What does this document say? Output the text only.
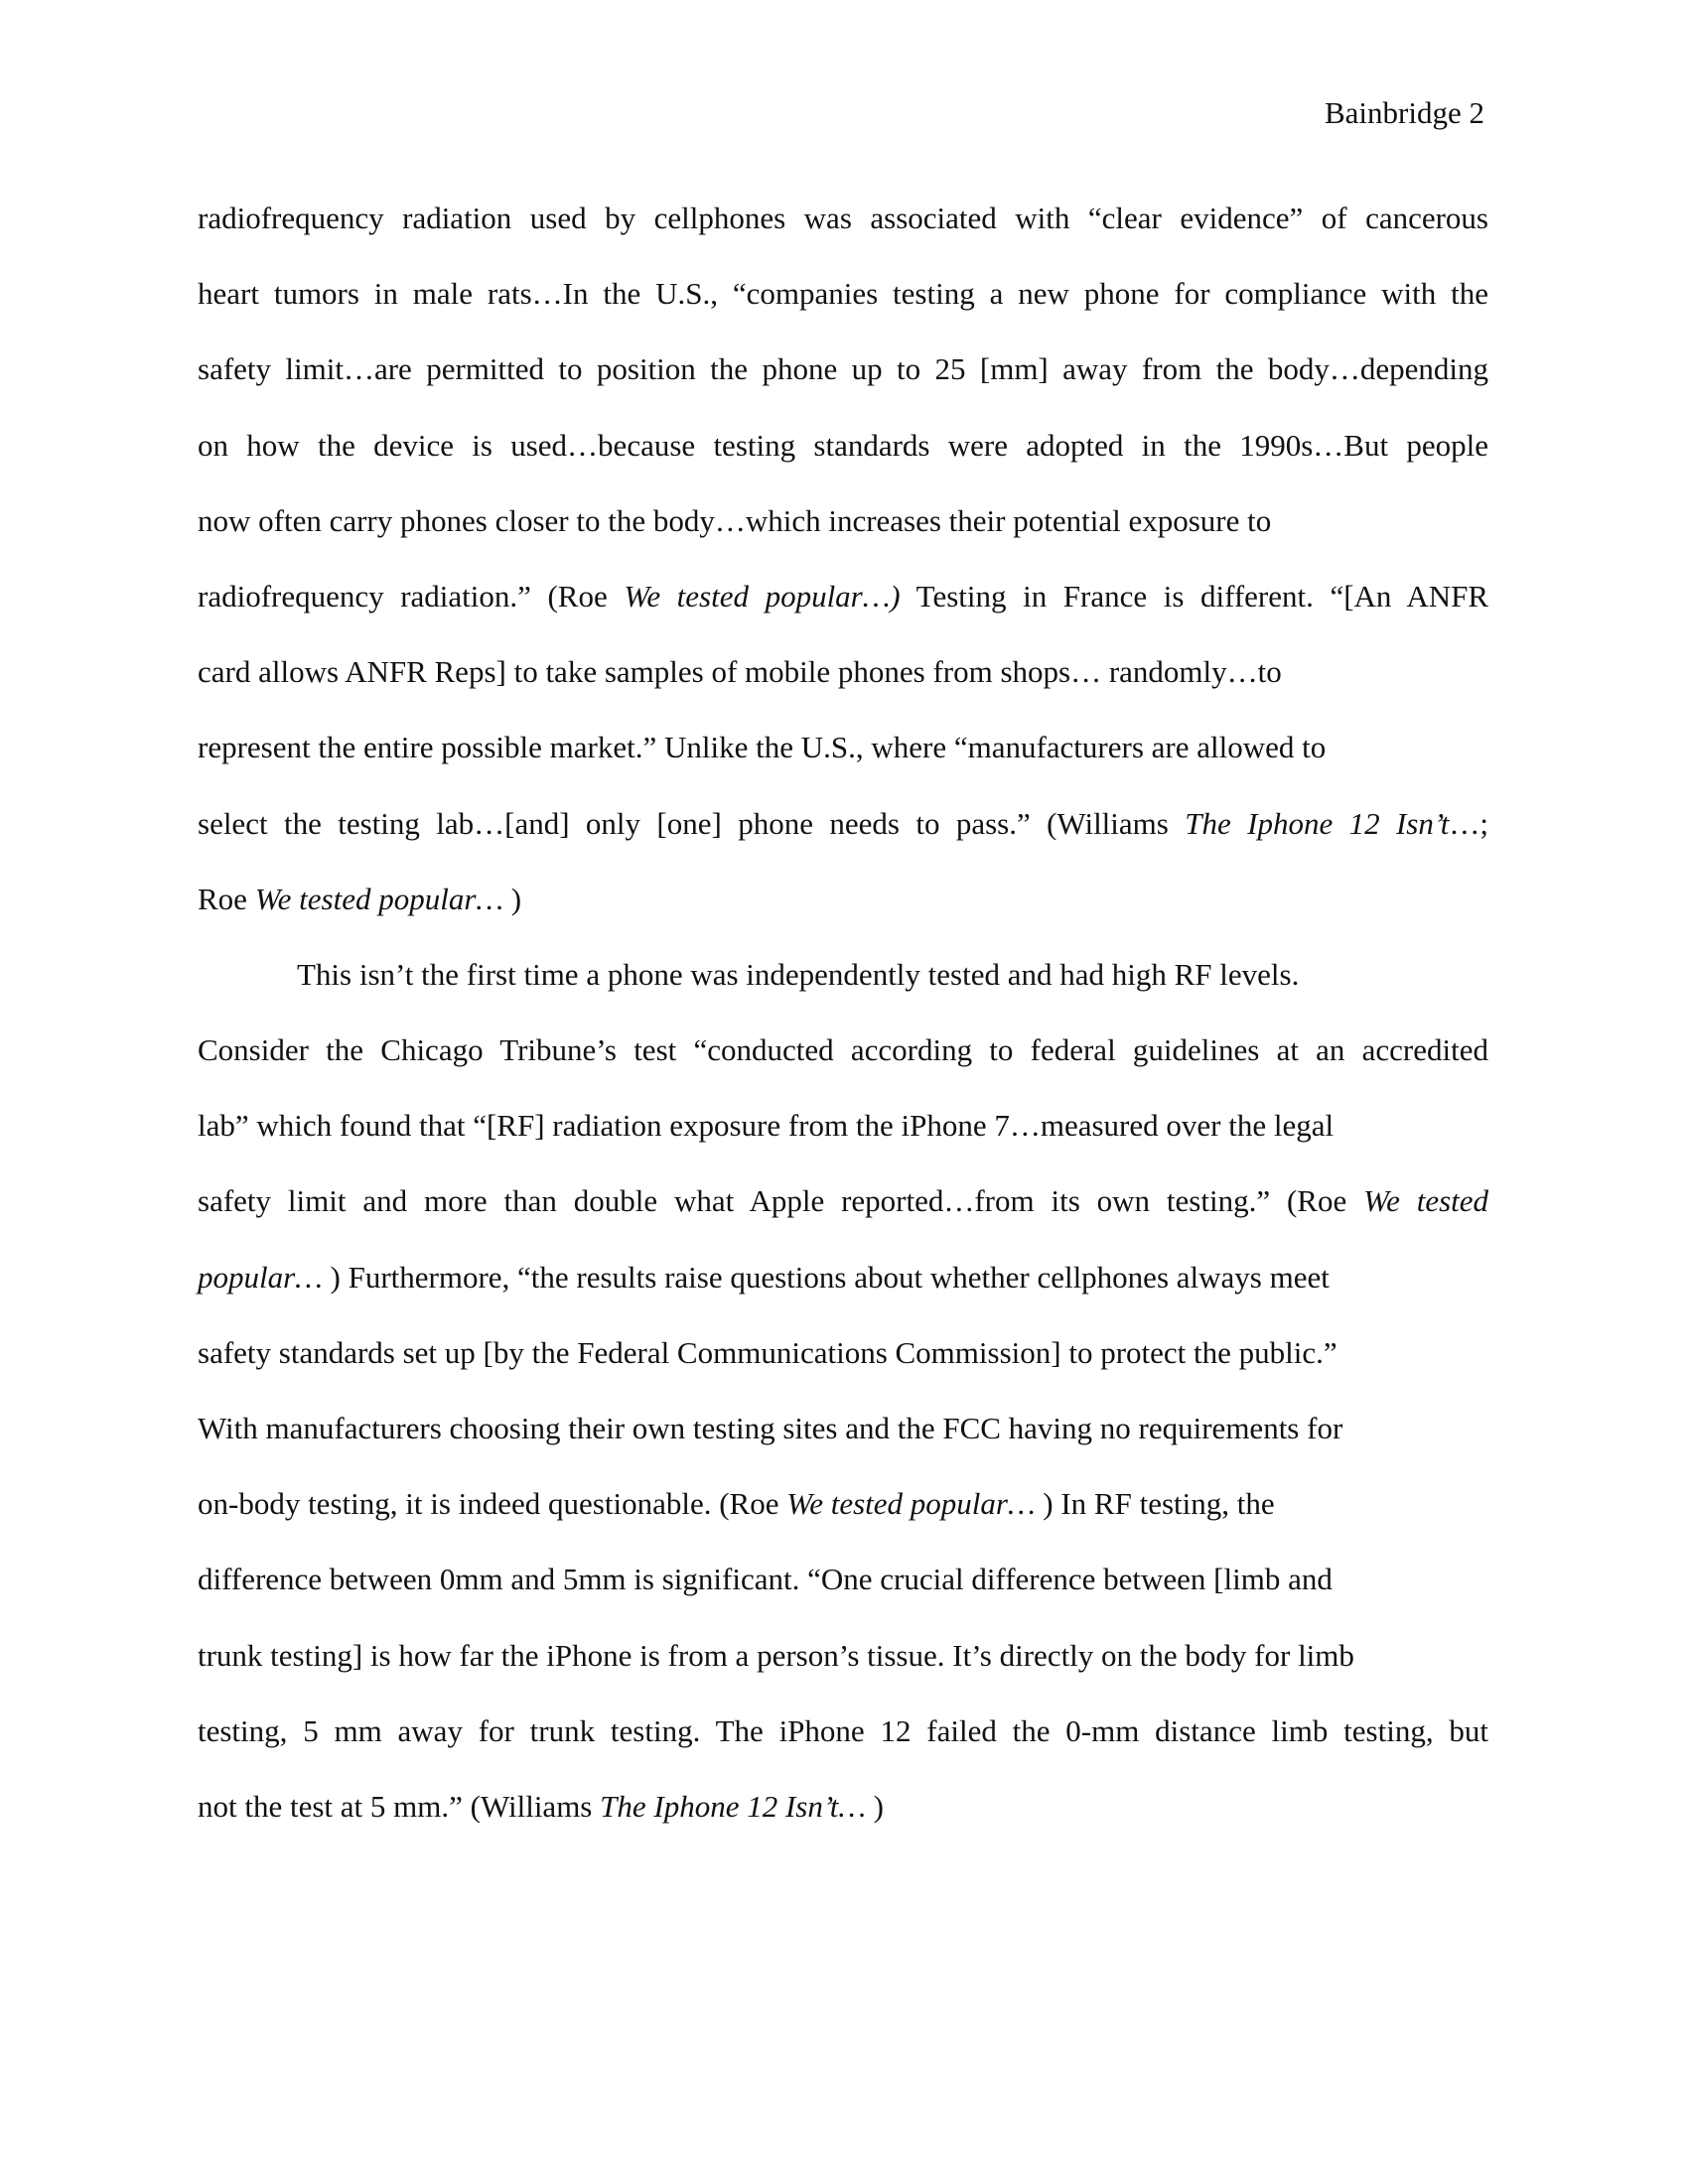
Bainbridge 2
radiofrequency radiation used by cellphones was associated with “clear evidence” of cancerous
heart tumors in male rats…In the U.S., “companies testing a new phone for compliance with the
safety limit…are permitted to position the phone up to 25 [mm] away from the body…depending
on how the device is used…because testing standards were adopted in the 1990s…But people
now often carry phones closer to the body…which increases their potential exposure to
radiofrequency radiation.” (Roe We tested popular…) Testing in France is different. “[An ANFR
card allows ANFR Reps] to take samples of mobile phones from shops… randomly…to
represent the entire possible market.” Unlike the U.S., where “manufacturers are allowed to
select the testing lab…[and] only [one] phone needs to pass.” (Williams The Iphone 12 Isn’t…;
Roe We tested popular… )
This isn’t the first time a phone was independently tested and had high RF levels.
Consider the Chicago Tribune’s test “conducted according to federal guidelines at an accredited
lab” which found that “[RF] radiation exposure from the iPhone 7…measured over the legal
safety limit and more than double what Apple reported…from its own testing.” (Roe We tested
popular… ) Furthermore, “the results raise questions about whether cellphones always meet
safety standards set up [by the Federal Communications Commission] to protect the public.”
With manufacturers choosing their own testing sites and the FCC having no requirements for
on-body testing, it is indeed questionable. (Roe We tested popular… ) In RF testing, the
difference between 0mm and 5mm is significant. “One crucial difference between [limb and
trunk testing] is how far the iPhone is from a person’s tissue. It’s directly on the body for limb
testing, 5 mm away for trunk testing. The iPhone 12 failed the 0-mm distance limb testing, but
not the test at 5 mm.” (Williams The Iphone 12 Isn’t… )
